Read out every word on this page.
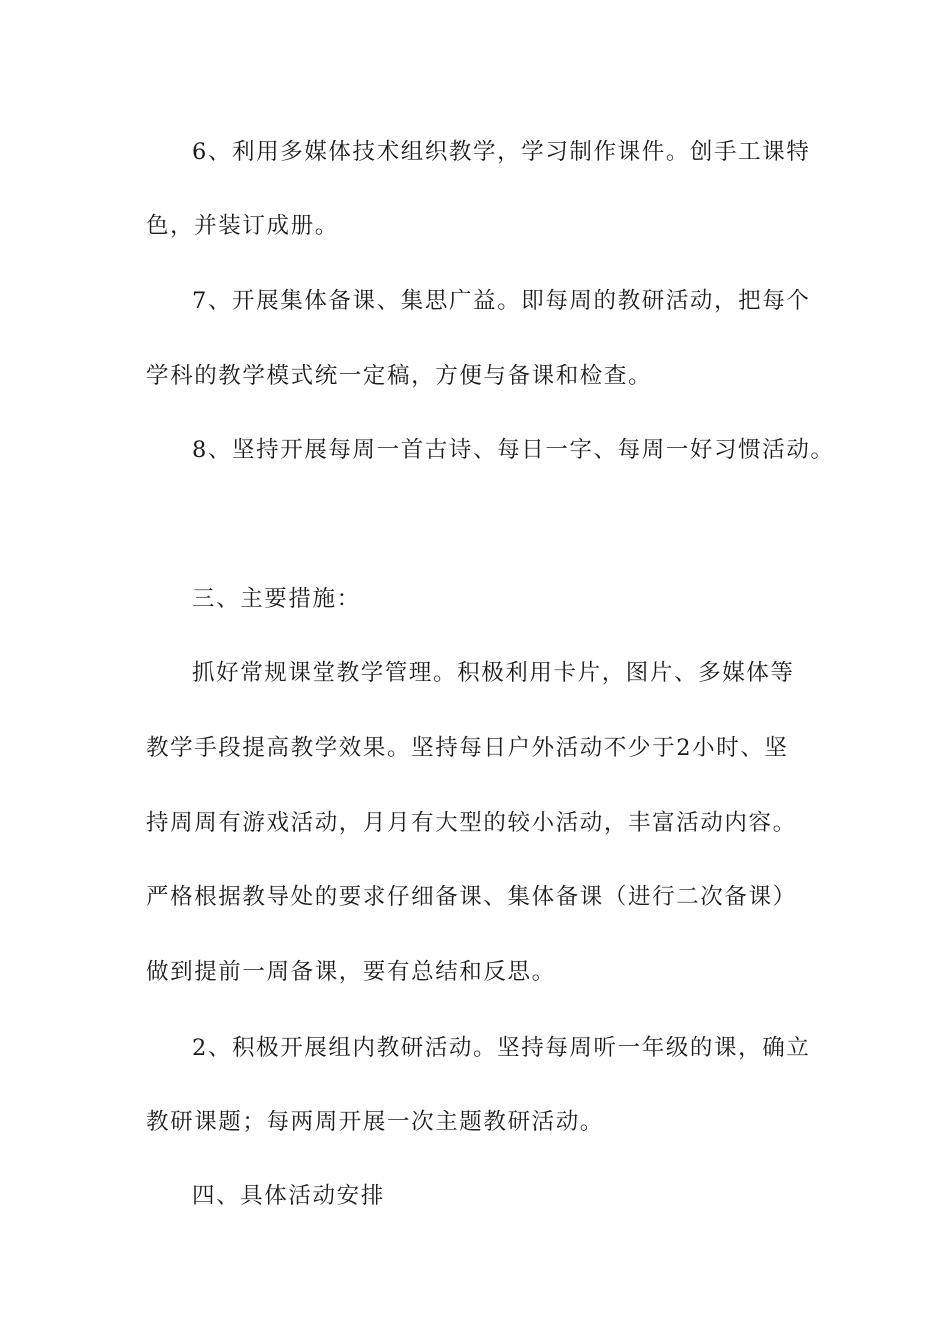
6、利用多媒体技术组织教学，学习制作课件。创手工课特
色，并装订成册。
7、开展集体备课、集思广益。即每周的教研活动，把每个
学科的教学模式统一定稿，方便与备课和检查。
8、坚持开展每周一首古诗、每日一字、每周一好习惯活动。
三、主要措施：
抓好常规课堂教学管理。积极利用卡片，图片、多媒体等
教学手段提高教学效果。坚持每日户外活动不少于2小时、坚
持周周有游戏活动，月月有大型的较小活动，丰富活动内容。
严格根据教导处的要求仔细备课、集体备课（进行二次备课）
做到提前一周备课，要有总结和反思。
2、积极开展组内教研活动。坚持每周听一年级的课，确立
教研课题；每两周开展一次主题教研活动。
四、具体活动安排
